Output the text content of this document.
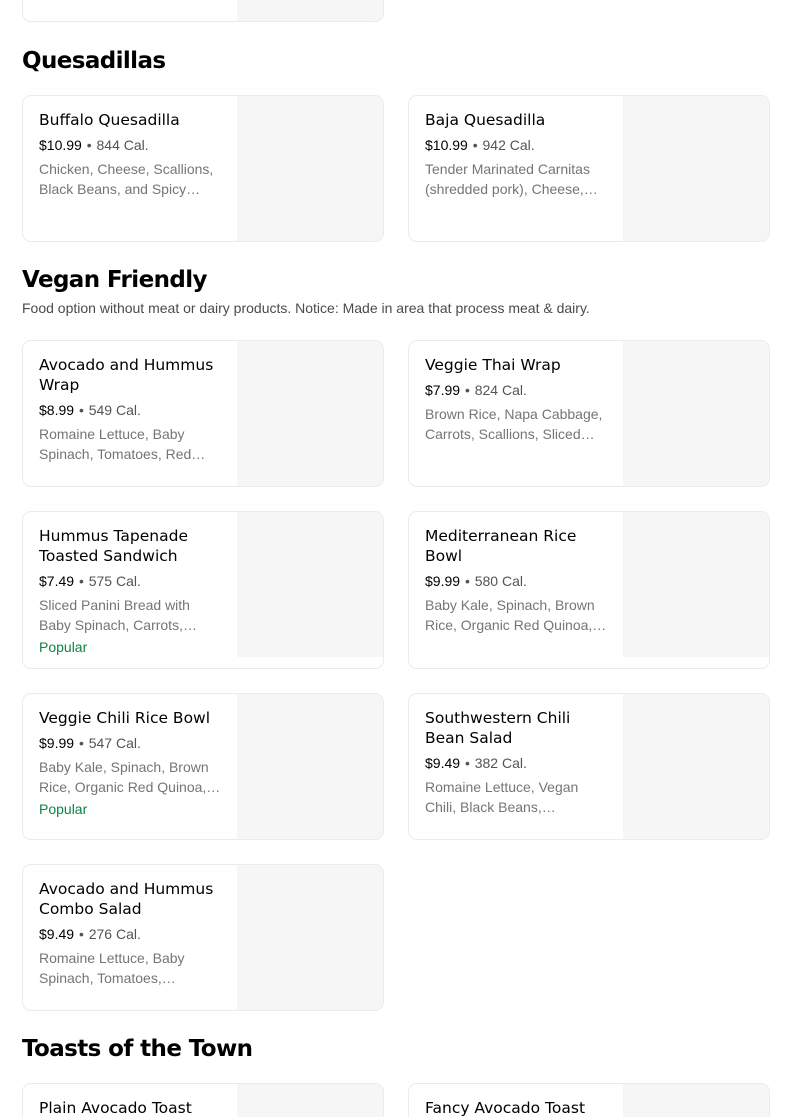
Quesadillas
Buffalo Quesadilla
$10.99 • 844 Cal.
Chicken, Cheese, Scallions, Black Beans, and Spicy…
Baja Quesadilla
$10.99 • 942 Cal.
Tender Marinated Carnitas (shredded pork), Cheese,…
Vegan Friendly

Food option without meat or dairy products. Notice: Made in area that process meat & dairy.

Avocado and Hummus Wrap
$8.99 • 549 Cal.
Romaine Lettuce, Baby Spinach, Tomatoes, Red…
Veggie Thai Wrap
$7.99 • 824 Cal.
Brown Rice, Napa Cabbage, Carrots, Scallions, Sliced…
Hummus Tapenade Toasted Sandwich
$7.49 • 575 Cal.
Sliced Panini Bread with Baby Spinach, Carrots,
Popular
Mediterranean Rice Bowl
$9.99 • 580 Cal.
Baby Kale, Spinach, Brown Rice, Organic Red Quinoa,…
Veggie Chili Rice Bowl
$9.99 • 547 Cal.
Baby Kale, Spinach, Brown Rice, Organic Red Quinoa,…
Popular
Southwestern Chili Bean Salad
$9.49 • 382 Cal.
Romaine Lettuce, Vegan Chili, Black Beans,…
Avocado and Hummus Combo Salad
$9.49 • 276 Cal.
Romaine Lettuce, Baby Spinach, Tomatoes,…
Toasts of the Town
Plain Avocado Toast	Fancy Avocado Toast
